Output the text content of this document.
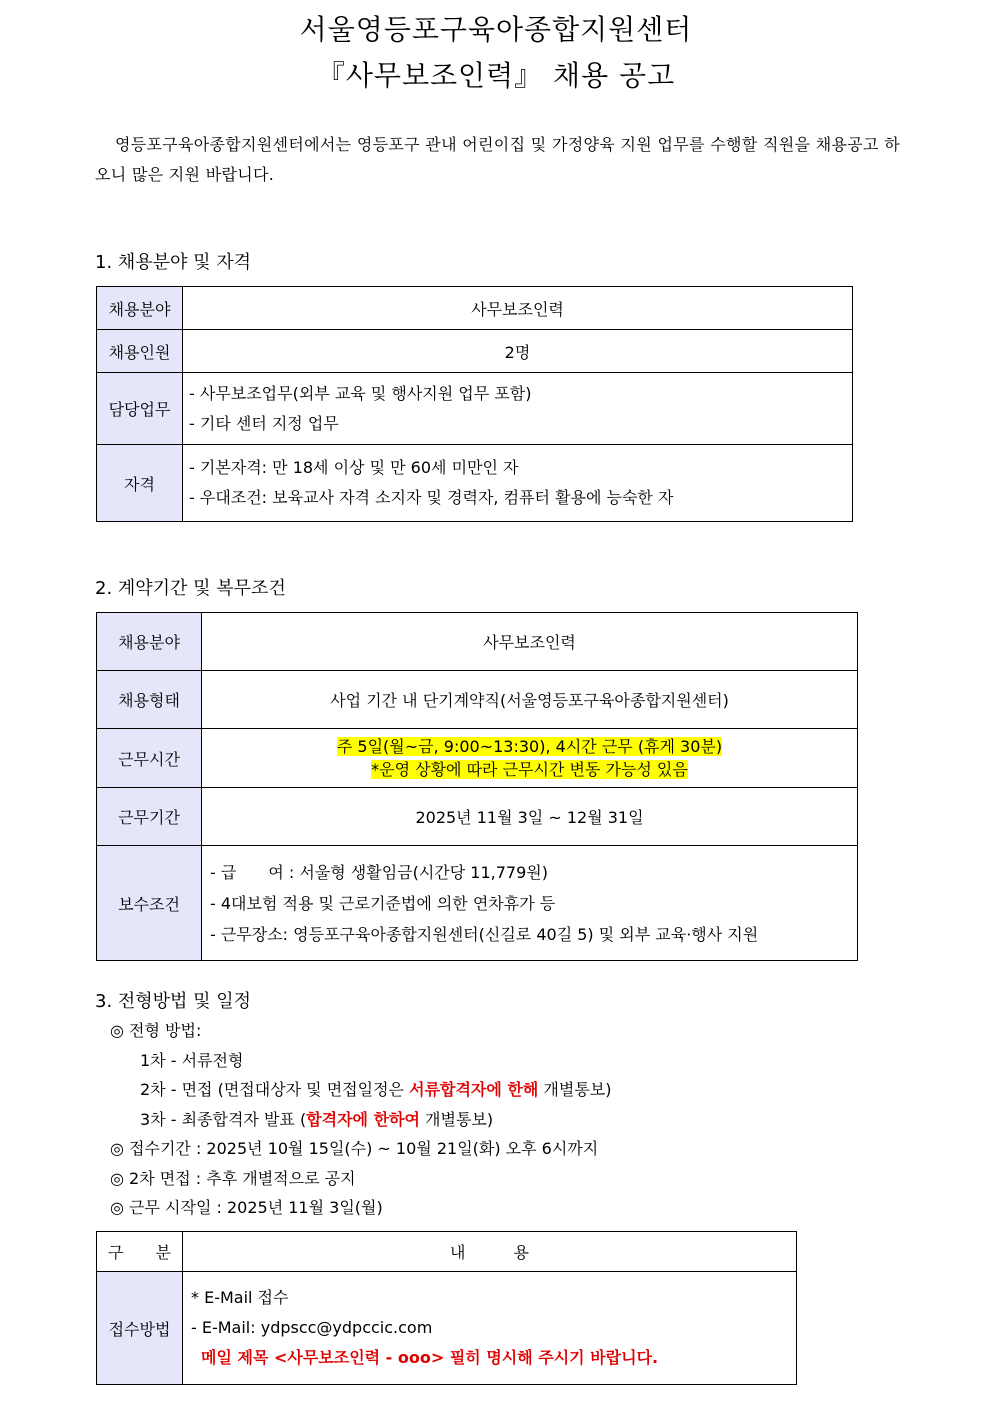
서울영등포구육아종합지원센터
『사무보조인력』 채용 공고
영등포구육아종합지원센터에서는 영등포구 관내 어린이집 및 가정양육 지원 업무를 수행할 직원을 채용공고 하오니 많은 지원 바랍니다.
1. 채용분야 및 자격
채용분야	사무보조인력
채용인원	2명
담당업무	- 사무보조업무(외부 교육 및 행사지원 업무 포함)
- 기타 센터 지정 업무

자격	- 기본자격: 만 18세 이상 및 만 60세 미만인 자
- 우대조건: 보육교사 자격 소지자 및 경력자, 컴퓨터 활용에 능숙한 자
2. 계약기간 및 복무조건
채용분야	사무보조인력
채용형태	사업 기간 내 단기계약직(서울영등포구육아종합지원센터)
근무시간	주 5일(월~금, 9:00~13:30), 4시간 근무 (휴게 30분)
*운영 상황에 따라 근무시간 변동 가능성 있음

근무기간	2025년 11월 3일 ~ 12월 31일
보수조건	- 급　　여 : 서울형 생활임금(시간당 11,779원)
- 4대보험 적용 및 근로기준법에 의한 연차휴가 등
- 근무장소: 영등포구육아종합지원센터(신길로 40길 5) 및 외부 교육·행사 지원
3. 전형방법 및 일정
◎ 전형 방법:
1차 - 서류전형
2차 - 면접 (면접대상자 및 면접일정은 서류합격자에 한해 개별통보)
3차 - 최종합격자 발표 (합격자에 한하여 개별통보)
◎ 접수기간 : 2025년 10월 15일(수) ~ 10월 21일(화) 오후 6시까지
◎ 2차 면접 : 추후 개별적으로 공지
◎ 근무 시작일 : 2025년 11월 3일(월)
구　　분	내　　　용
접수방법	* E-Mail 접수
- E-Mail: ydpscc@ydpccic.com
메일 제목 <사무보조인력 - ooo> 필히 명시해 주시기 바랍니다.
